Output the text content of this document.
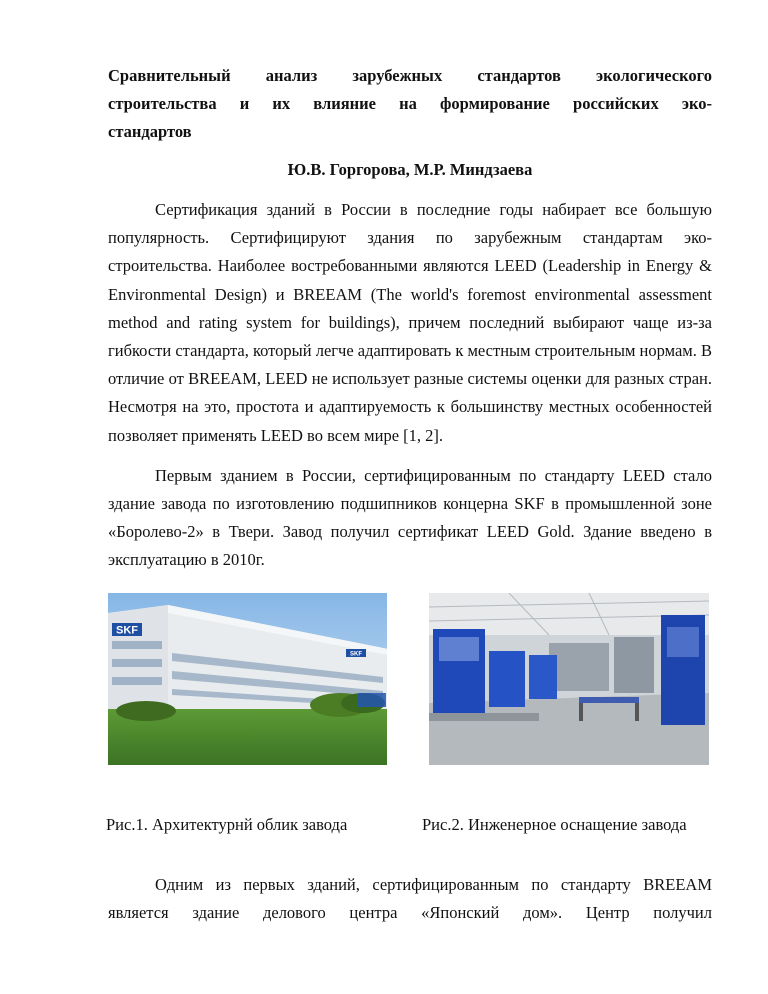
Сравнительный анализ зарубежных стандартов экологического
строительства и их влияние на формирование российских эко-
стандартов
Ю.В. Горгорова, М.Р. Миндзаева

Сертификация зданий в России в последние годы набирает все большую популярность. Сертифицируют здания по зарубежным стандартам эко-строительства. Наиболее востребованными являются LEED (Leadership in Energy & Environmental Design) и BREEAM (The world's foremost environmental assessment method and rating system for buildings), причем последний выбирают чаще из-за гибкости стандарта, который легче адаптировать к местным строительным нормам. В отличие от BREEAM, LEED не использует разные системы оценки для разных стран. Несмотря на это, простота и адаптируемость к большинству местных особенностей позволяет применять LEED во всем мире [1, 2].

Первым зданием в России, сертифицированным по стандарту LEED стало здание завода по изготовлению подшипников концерна SKF в промышленной зоне «Боролево-2» в Твери. Завод получил сертификат LEED Gold. Здание введено в эксплуатацию в 2010г.

SKF
SKF
Рис.1. Архитектурнй облик завода	Рис.2. Инженерное оснащение завода

Одним из первых зданий, сертифицированным по стандарту BREEAM является здание делового центра «Японский дом». Центр получил
